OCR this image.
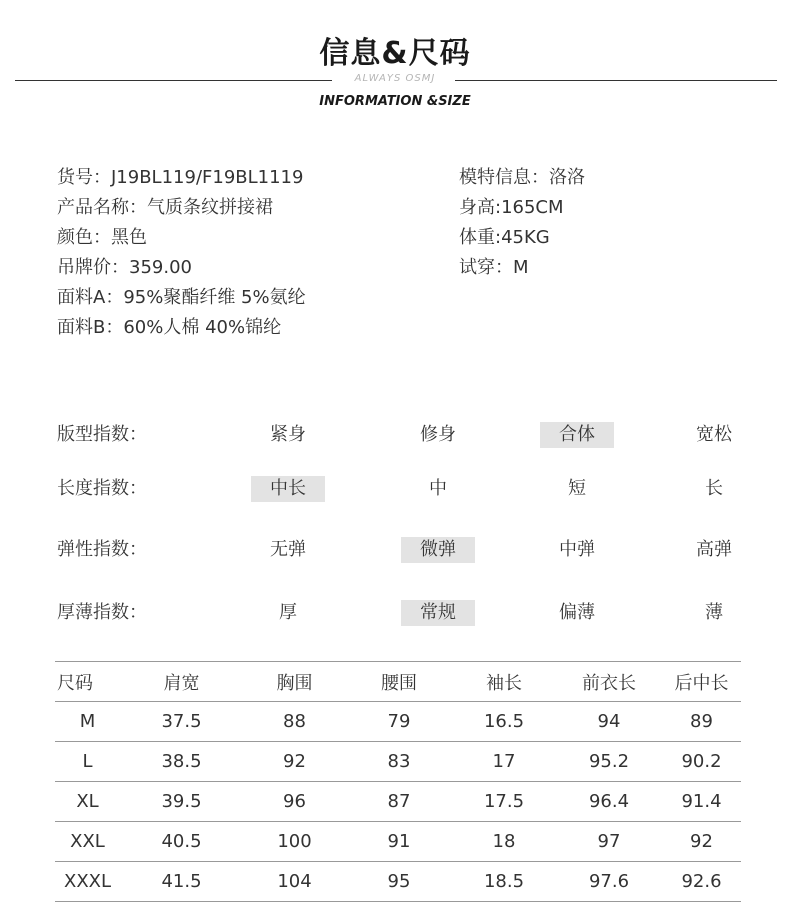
信息&尺码
ALWAYS OSMJ
INFORMATION &SIZE
货号：J19BL119/F19BL1119
产品名称：气质条纹拼接裙
颜色：黑色
吊牌价：359.00
面料A：95%聚酯纤维 5%氨纶
面料B：60%人棉 40%锦纶
模特信息：洛洛
身高:165CM
体重:45KG
试穿：M
版型指数：	紧身	修身	合体	宽松
长度指数：	中长	中	短	长
弹性指数：	无弹	微弹	中弹	高弹
厚薄指数：	厚	常规	偏薄	薄
尺码	肩宽	胸围	腰围	袖长	前衣长	后中长
M	37.5	88	79	16.5	94	89
L	38.5	92	83	17	95.2	90.2
XL	39.5	96	87	17.5	96.4	91.4
XXL	40.5	100	91	18	97	92
XXXL	41.5	104	95	18.5	97.6	92.6
